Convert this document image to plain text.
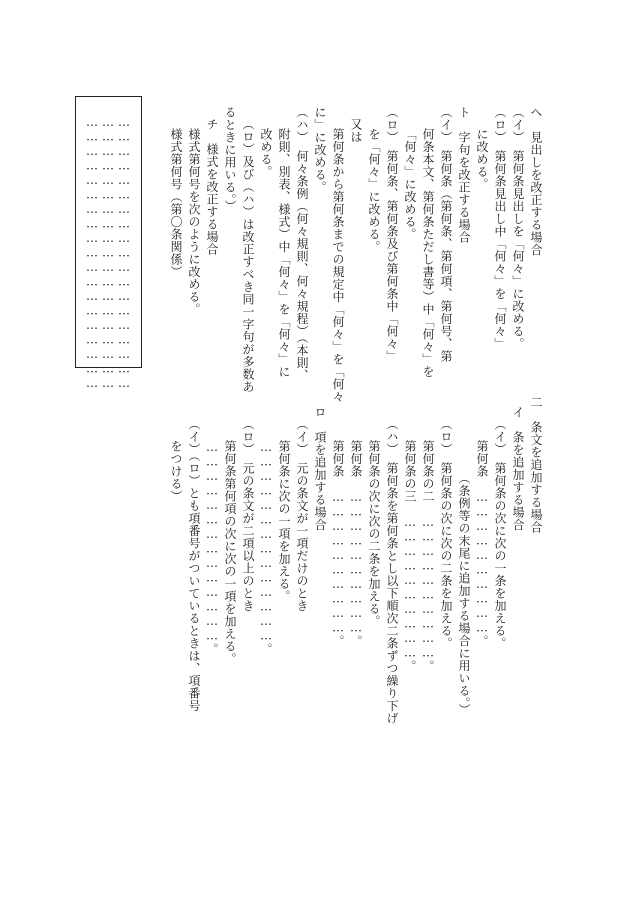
へ　見出しを改正する場合
（イ）　第何条見出しを「何々」に改める。
（ロ）　第何条見出し中「何々」を「何々」
に改める。
ト　字句を改正する場合
（イ）　第何条（第何条、第何項、第何号、第
何条本文、第何条ただし書等）中「何々」を
「何々」に改める。
（ロ）　第何条、第何条及び第何条中「何々」
を「何々」に改める。
又は
第何条から第何条までの規定中「何々」を「何々
に」に改める。
（ハ）　何々条例（何々規則、何々規程）（本則、
附則、別表、様式）中「何々」を「何々」に
改める。
（ロ）及び（ハ）は改正すべき同一字句が多数あ
るときに用いる。）
チ　様式を改正する場合
様式第何号を次のように改める。
様式第何号（第〇条関係）
…………………………………………………
…………………………………………………
…………………………………………………
二　条文を追加する場合
イ　条を追加する場合
（イ）　第何条の次に次の一条を加える。
第何条　…………………………。
（条例等の末尾に追加する場合に用いる。）
（ロ）　第何条の次に次の二条を加える。
第何条の二　…………………………。
第何条の三　…………………………。
（ハ）　第何条を第何条とし以下順次二条ずつ繰り下げ
第何条の次に次の二条を加える。
第何条　…………………………。
第何条　…………………………。
ロ　項を追加する場合
（イ）　元の条文が一項だけのとき
第何条に次の一項を加える。
……………………………………。
（ロ）　元の条文が二項以上のとき
第何条第何項の次に次の一項を加える。
……………………………………。
（イ）（ロ）とも項番号がついているときは、項番号
をつける）
